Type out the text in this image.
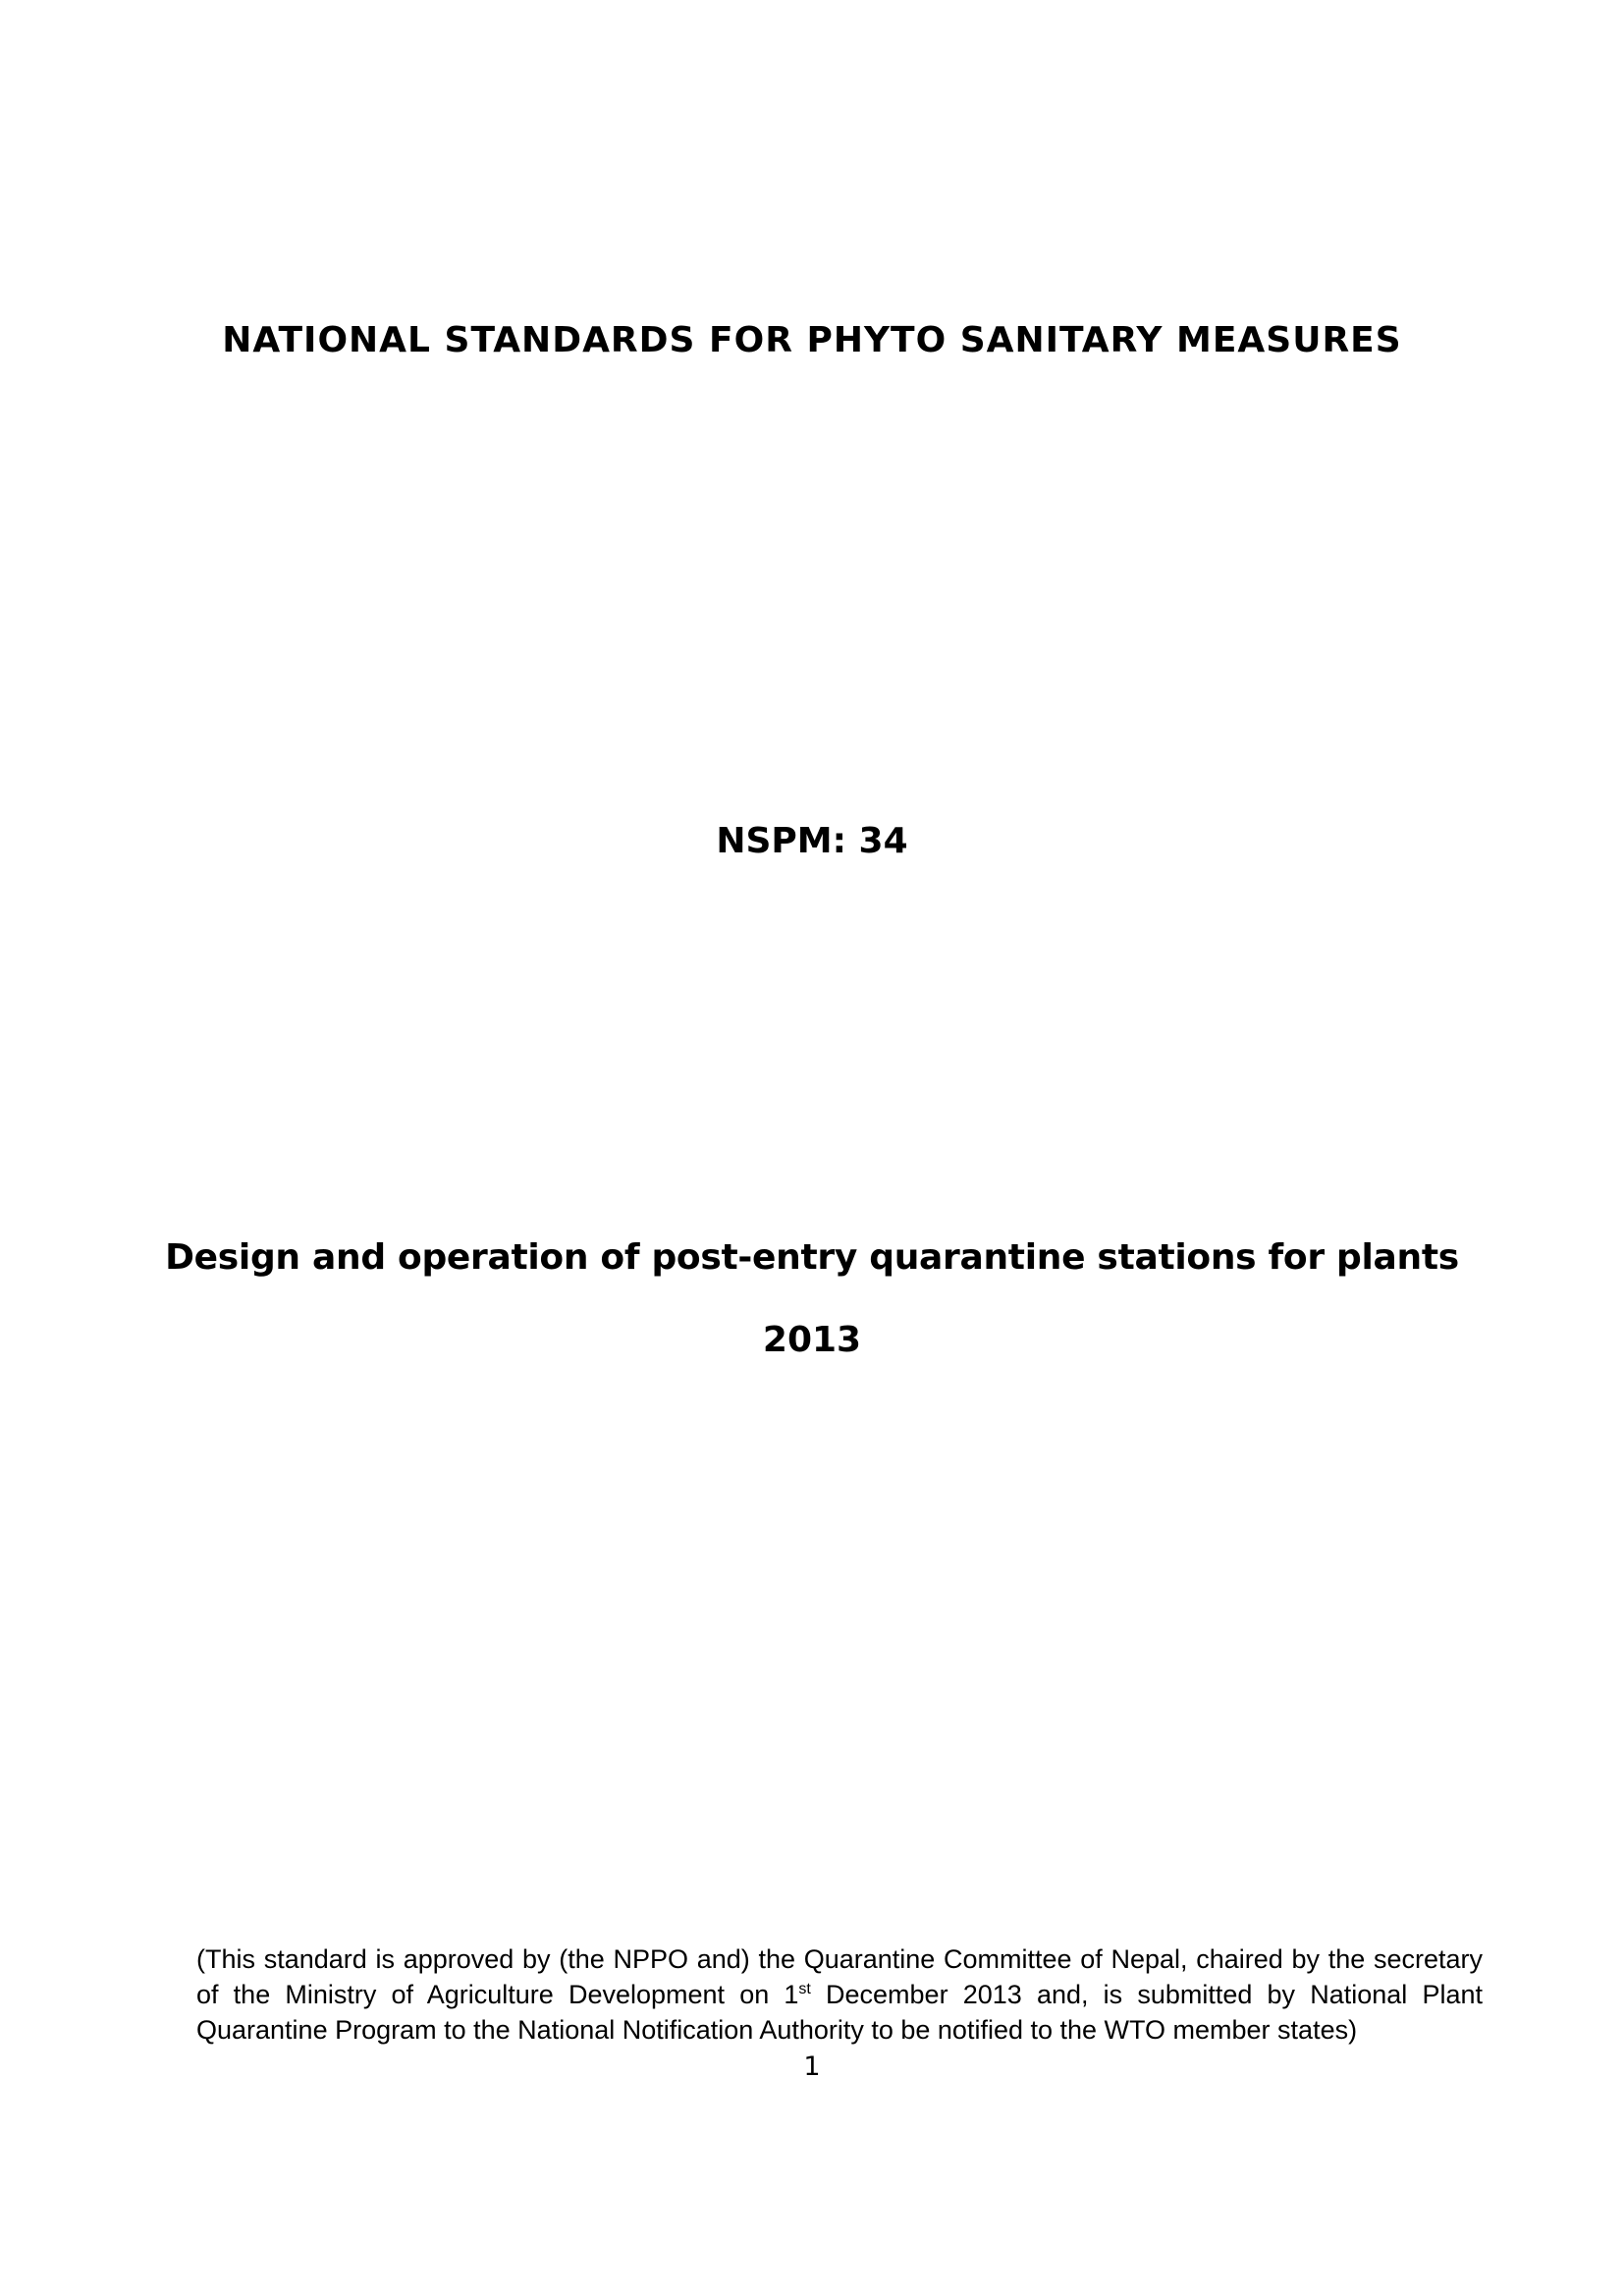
NATIONAL STANDARDS FOR PHYTO SANITARY MEASURES
NSPM: 34
Design and operation of post-entry quarantine stations for plants
2013

(This standard is approved by (the NPPO and) the Quarantine Committee of Nepal, chaired by the secretary of the Ministry of Agriculture Development on 1st December 2013 and, is submitted by National Plant Quarantine Program to the National Notification Authority to be notified to the WTO member states)

1
